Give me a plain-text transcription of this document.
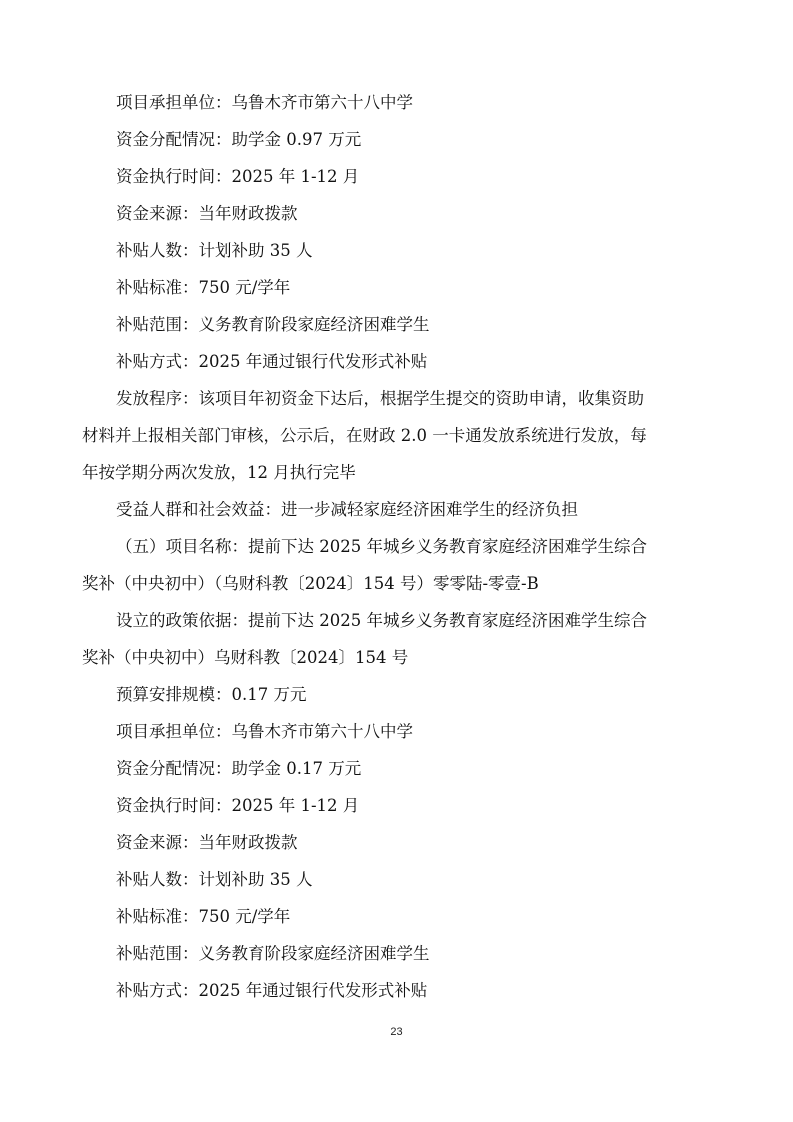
项目承担单位：乌鲁木齐市第六十八中学

资金分配情况：助学金 0.97 万元

资金执行时间：2025 年 1-12 月

资金来源：当年财政拨款

补贴人数：计划补助 35 人

补贴标准：750 元/学年

补贴范围：义务教育阶段家庭经济困难学生

补贴方式：2025 年通过银行代发形式补贴

发放程序：该项目年初资金下达后，根据学生提交的资助申请，收集资助

材料并上报相关部门审核，公示后，在财政 2.0 一卡通发放系统进行发放，每

年按学期分两次发放，12 月执行完毕

受益人群和社会效益：进一步减轻家庭经济困难学生的经济负担

（五）项目名称：提前下达 2025 年城乡义务教育家庭经济困难学生综合

奖补（中央初中）（乌财科教〔2024〕154 号）零零陆-零壹-B

设立的政策依据：提前下达 2025 年城乡义务教育家庭经济困难学生综合

奖补（中央初中）乌财科教〔2024〕154 号

预算安排规模：0.17 万元

项目承担单位：乌鲁木齐市第六十八中学

资金分配情况：助学金 0.17 万元

资金执行时间：2025 年 1-12 月

资金来源：当年财政拨款

补贴人数：计划补助 35 人

补贴标准：750 元/学年

补贴范围：义务教育阶段家庭经济困难学生

补贴方式：2025 年通过银行代发形式补贴

23
